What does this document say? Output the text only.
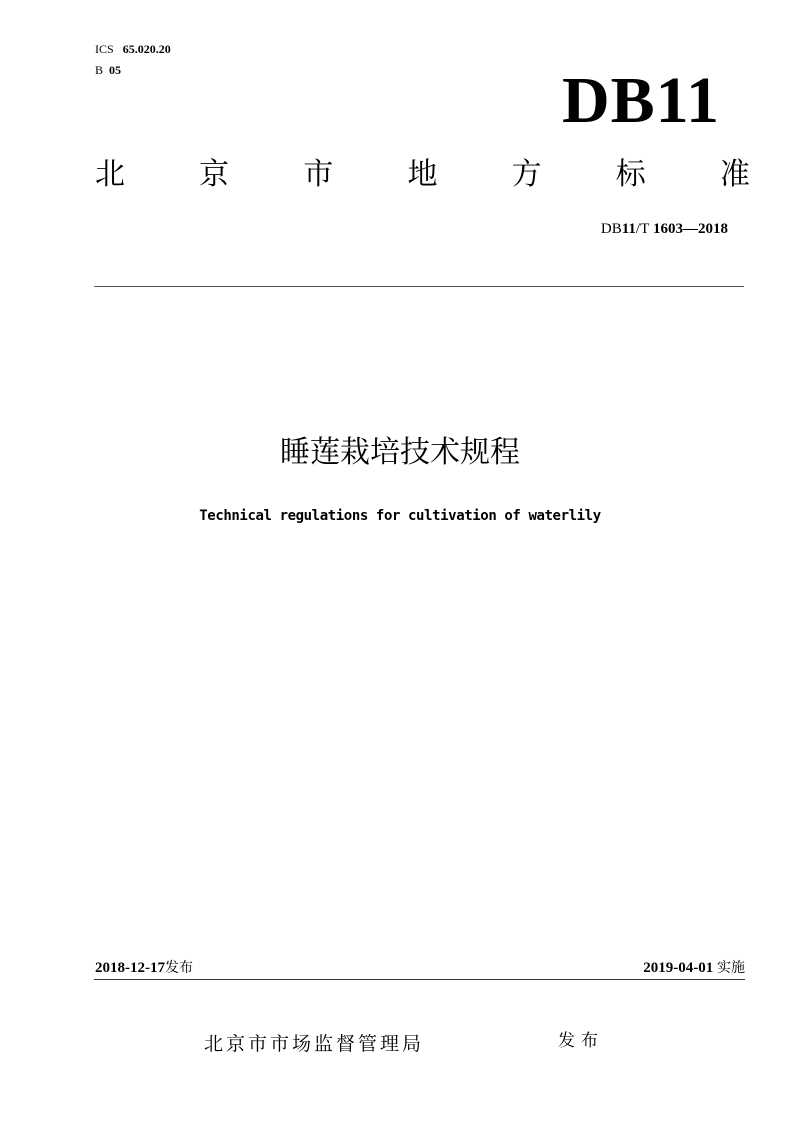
ICS 65.020.20
B 05	DB11
北 京 市 地 方 标 准
DB11/T 1603—2018
睡莲栽培技术规程
Technical regulations for cultivation of waterlily
2018-12-17发布	2019-04-01 实施
北京市市场监督管理局	发布
